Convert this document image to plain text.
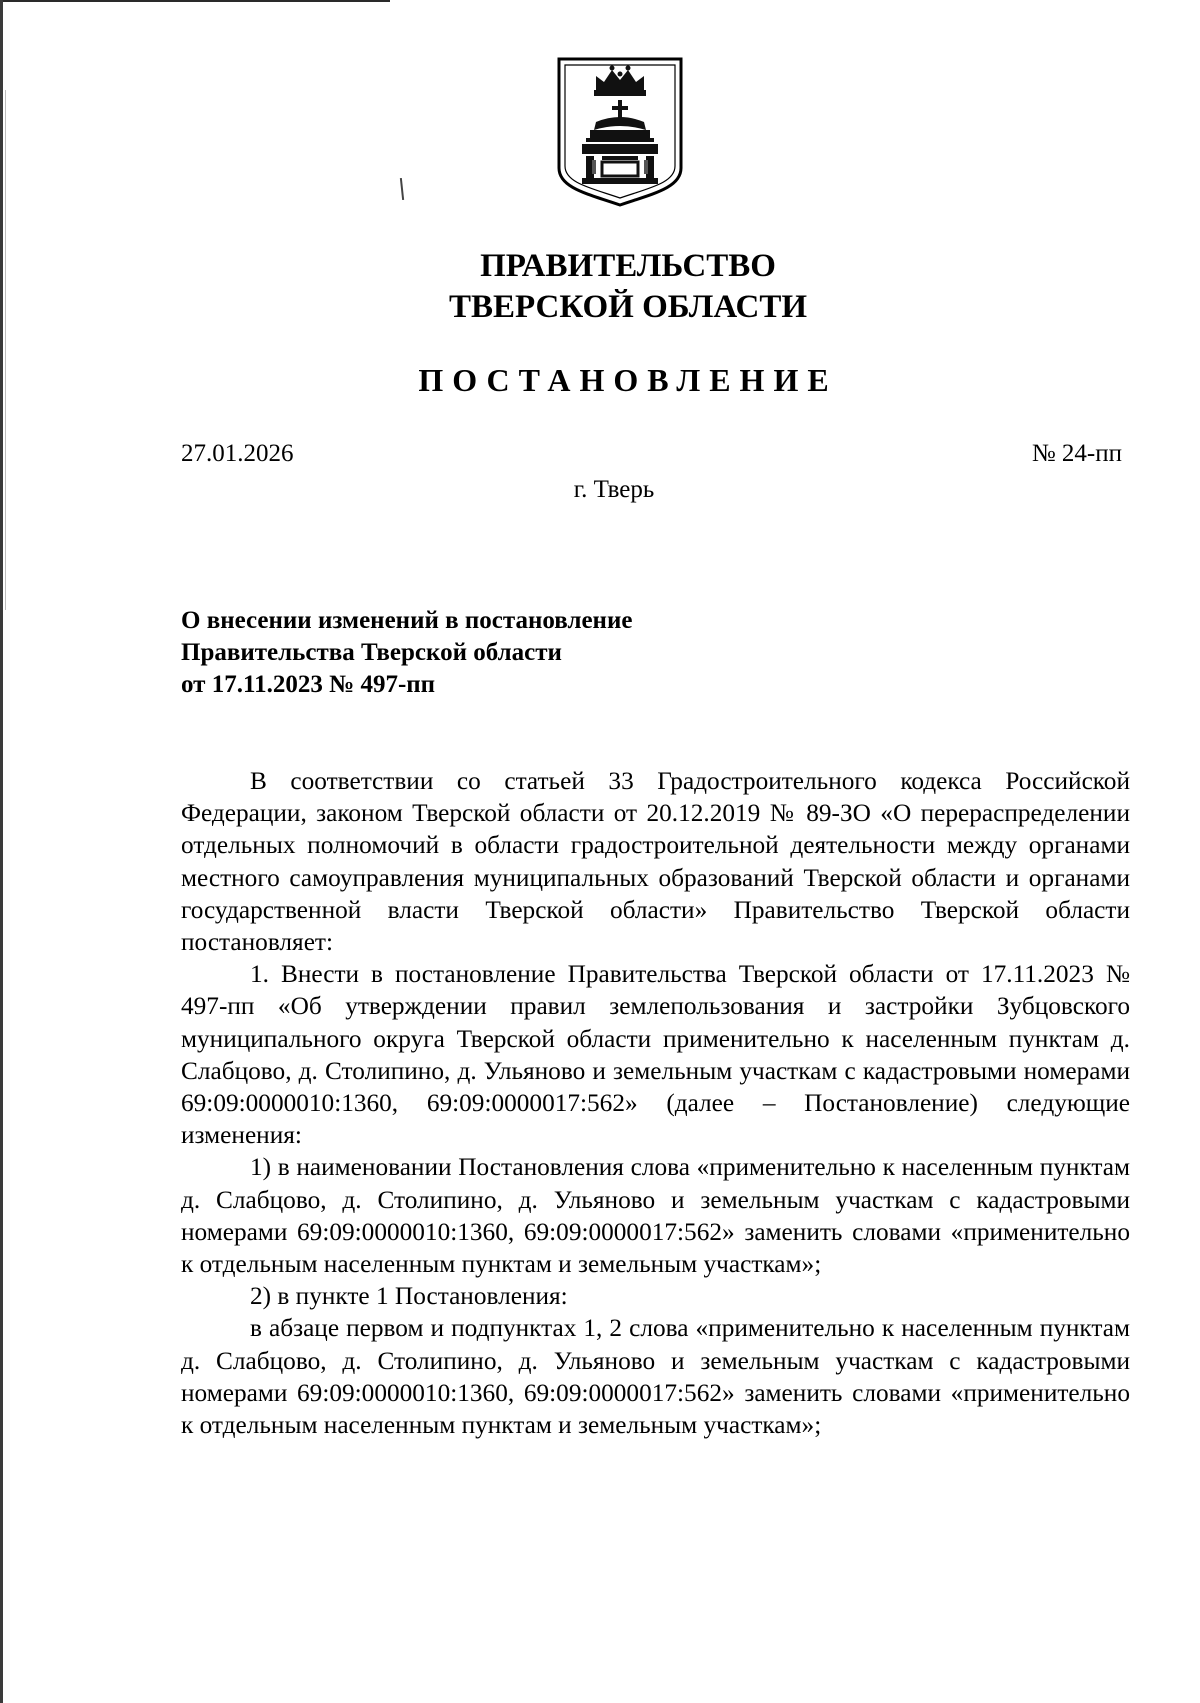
ПРАВИТЕЛЬСТВО
ТВЕРСКОЙ ОБЛАСТИ
ПОСТАНОВЛЕНИЕ
27.01.2026	№ 24-пп
г. Тверь
О внесении изменений в постановление
Правительства Тверской области
от 17.11.2023 № 497-пп

В соответствии со статьей 33 Градостроительного кодекса Российской Федерации, законом Тверской области от 20.12.2019 № 89-ЗО «О перераспределении отдельных полномочий в области градостроительной деятельности между органами местного самоуправления муниципальных образований Тверской области и органами государственной власти Тверской области» Правительство Тверской области постановляет:

1. Внести в постановление Правительства Тверской области от 17.11.2023 № 497-пп «Об утверждении правил землепользования и застройки Зубцовского муниципального округа Тверской области применительно к населенным пунктам д. Слабцово, д. Столипино, д. Ульяново и земельным участкам с кадастровыми номерами 69:09:0000010:1360, 69:09:0000017:562» (далее – Постановление) следующие изменения:

1) в наименовании Постановления слова «применительно к населенным пунктам д. Слабцово, д. Столипино, д. Ульяново и земельным участкам с кадастровыми номерами 69:09:0000010:1360, 69:09:0000017:562» заменить словами «применительно к отдельным населенным пунктам и земельным участкам»;

2) в пункте 1 Постановления:

в абзаце первом и подпунктах 1, 2 слова «применительно к населенным пунктам д. Слабцово, д. Столипино, д. Ульяново и земельным участкам с кадастровыми номерами 69:09:0000010:1360, 69:09:0000017:562» заменить словами «применительно к отдельным населенным пунктам и земельным участкам»;
